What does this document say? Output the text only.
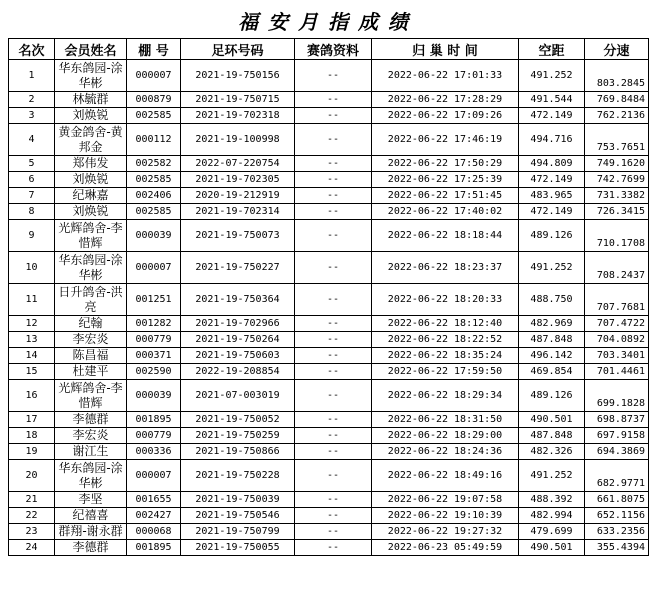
福安月指成绩
名次	会员姓名	棚 号	足环号码	赛鸽资料	归 巢 时 间	空距	分速
1	华东鸽园-涂华彬	000007	2021-19-750156	--	2022-06-22 17:01:33	491.252	803.2845
2	林毓群	000879	2021-19-750715	--	2022-06-22 17:28:29	491.544	769.8484
3	刘焕锐	002585	2021-19-702318	--	2022-06-22 17:09:26	472.149	762.2136
4	黄金鸽舍-黄邦金	000112	2021-19-100998	--	2022-06-22 17:46:19	494.716	753.7651
5	郑伟发	002582	2022-07-220754	--	2022-06-22 17:50:29	494.809	749.1620
6	刘焕锐	002585	2021-19-702305	--	2022-06-22 17:25:39	472.149	742.7699
7	纪琳嘉	002406	2020-19-212919	--	2022-06-22 17:51:45	483.965	731.3382
8	刘焕锐	002585	2021-19-702314	--	2022-06-22 17:40:02	472.149	726.3415
9	光辉鸽舍-李惜辉	000039	2021-19-750073	--	2022-06-22 18:18:44	489.126	710.1708
10	华东鸽园-涂华彬	000007	2021-19-750227	--	2022-06-22 18:23:37	491.252	708.2437
11	日升鸽舍-洪亮	001251	2021-19-750364	--	2022-06-22 18:20:33	488.750	707.7681
12	纪翰	001282	2021-19-702966	--	2022-06-22 18:12:40	482.969	707.4722
13	李宏炎	000779	2021-19-750264	--	2022-06-22 18:22:52	487.848	704.0892
14	陈昌福	000371	2021-19-750603	--	2022-06-22 18:35:24	496.142	703.3401
15	杜建平	002590	2022-19-208854	--	2022-06-22 17:59:50	469.854	701.4461
16	光辉鸽舍-李惜辉	000039	2021-07-003019	--	2022-06-22 18:29:34	489.126	699.1828
17	李德群	001895	2021-19-750052	--	2022-06-22 18:31:50	490.501	698.8737
18	李宏炎	000779	2021-19-750259	--	2022-06-22 18:29:00	487.848	697.9158
19	谢江生	000336	2021-19-750866	--	2022-06-22 18:24:36	482.326	694.3869
20	华东鸽园-涂华彬	000007	2021-19-750228	--	2022-06-22 18:49:16	491.252	682.9771
21	李坚	001655	2021-19-750039	--	2022-06-22 19:07:58	488.392	661.8075
22	纪禧喜	002427	2021-19-750546	--	2022-06-22 19:10:39	482.994	652.1156
23	群翔-谢永群	000068	2021-19-750799	--	2022-06-22 19:27:32	479.699	633.2356
24	李德群	001895	2021-19-750055	--	2022-06-23 05:49:59	490.501	355.4394
